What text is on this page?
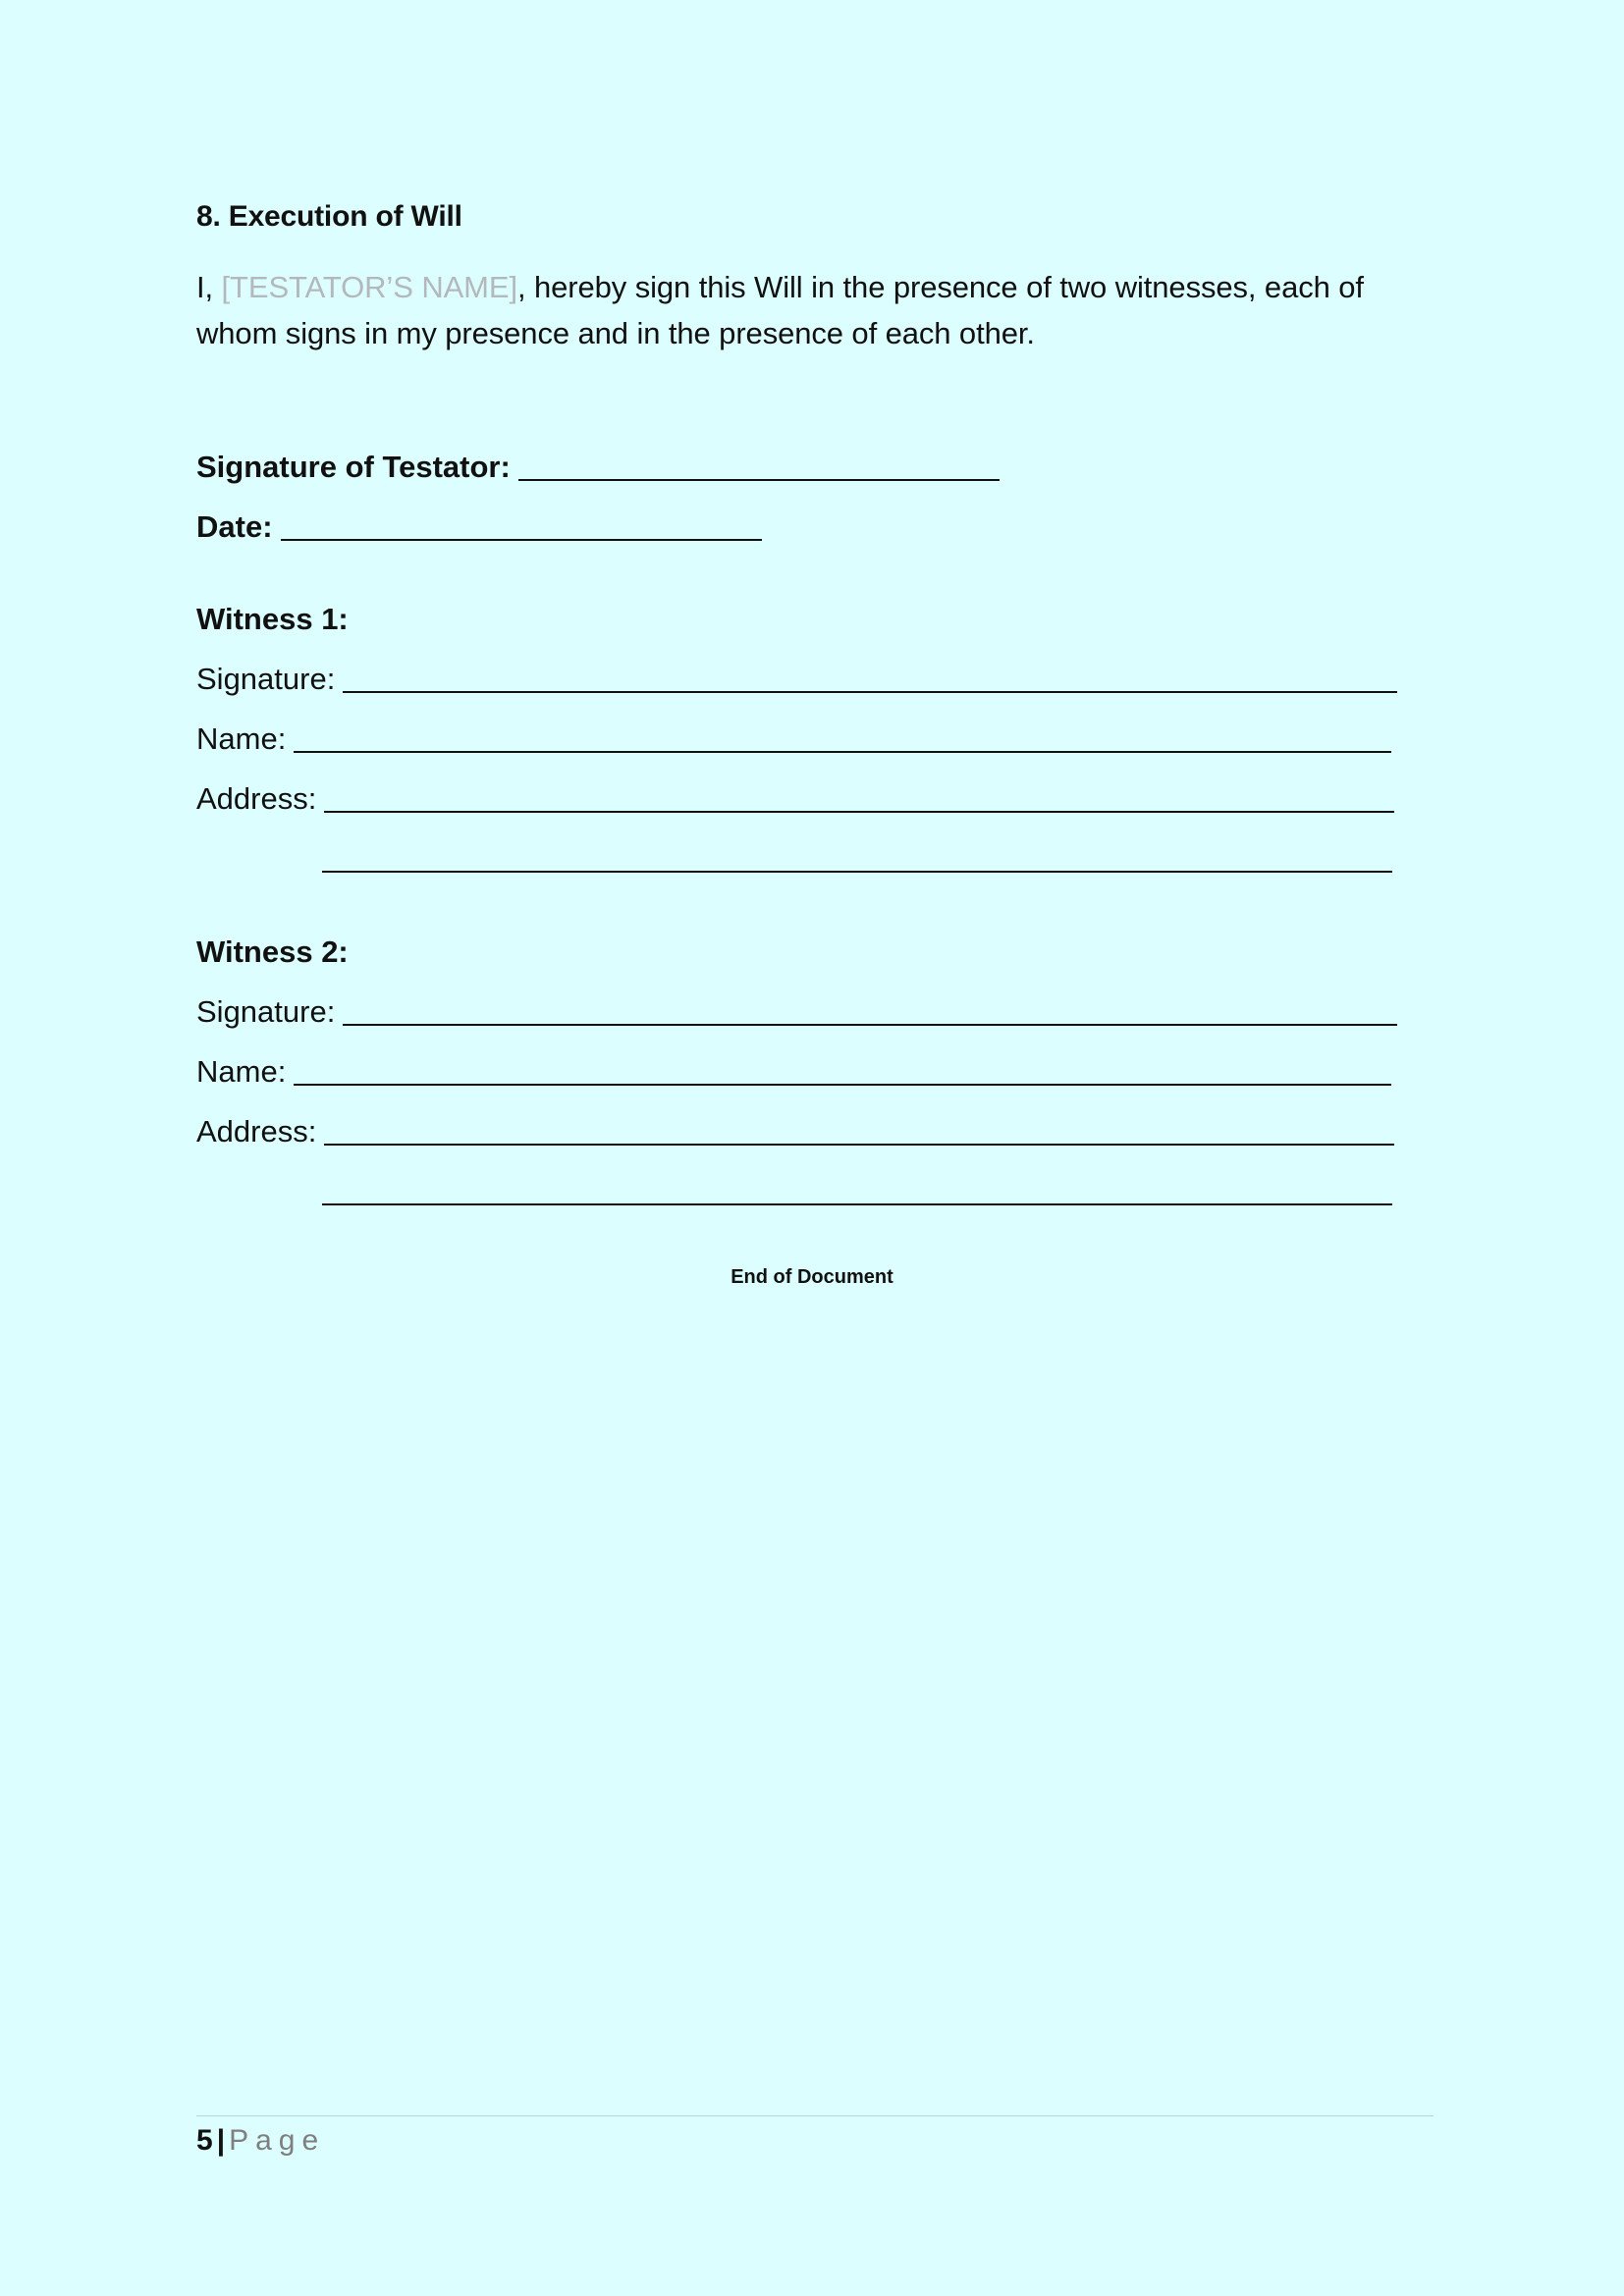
8. Execution of Will
I, [TESTATOR’S NAME], hereby sign this Will in the presence of two witnesses, each of whom signs in my presence and in the presence of each other.
Signature of Testator:
Date:
Witness 1:
Signature:
Name:
Address:
Witness 2:
Signature:
Name:
Address:
End of Document
5 | Page
